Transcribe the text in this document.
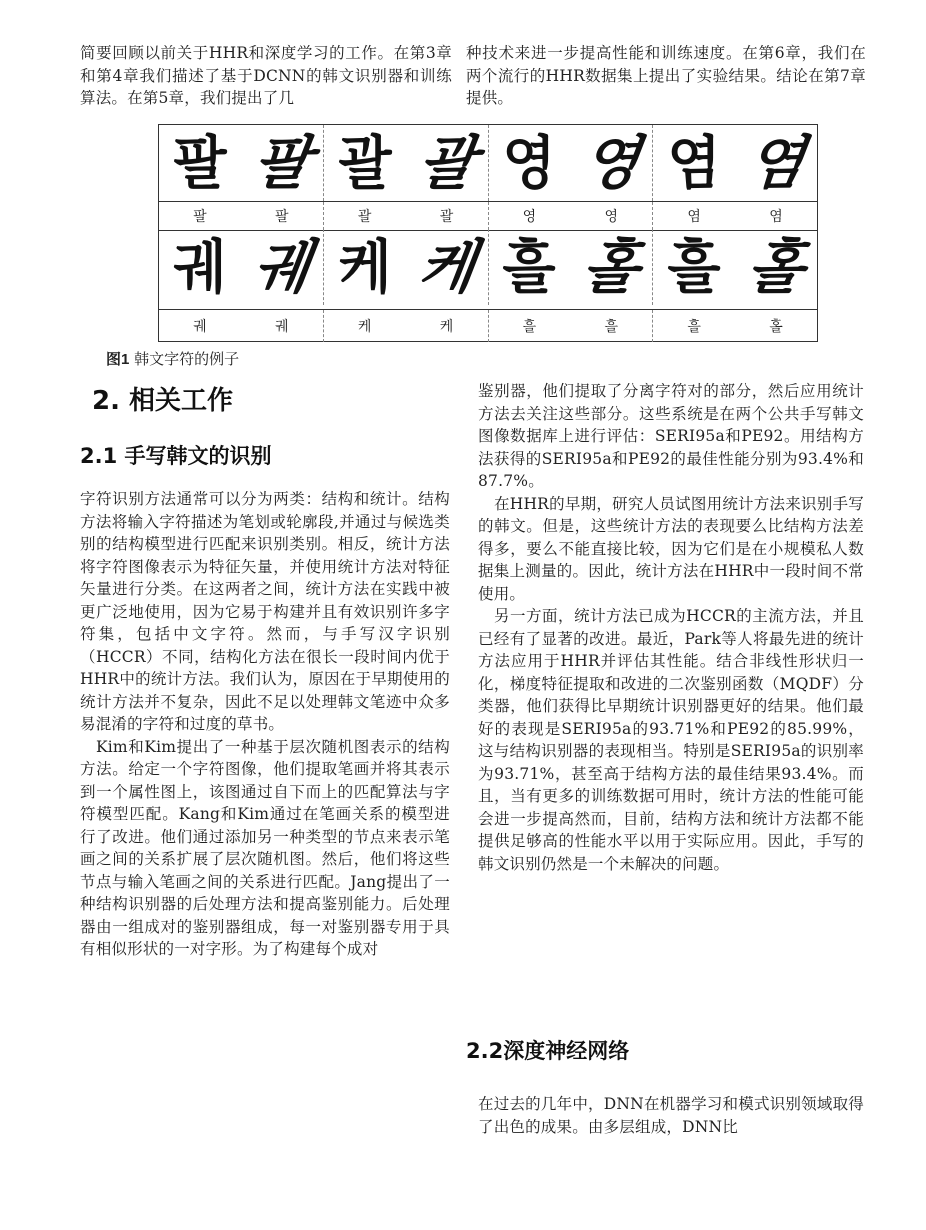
简要回顾以前关于HHR和深度学习的工作。在第3章和第4章我们描述了基于DCNN的韩文识别器和训练算法。在第5章，我们提出了几

种技术来进一步提高性能和训练速度。在第6章，我们在两个流行的HHR数据集上提出了实验结果。结论在第7章提供。

팔 팔 괄 괄 영 영 염 염
팔	팔	괄	괄	영	영	염	염
궤 궤 케 케 흘 홀 흘 홀
궤	궤	케	케	흘	흘	흘	홀
图1 韩文字符的例子
2. 相关工作
2.1 手写韩文的识别

字符识别方法通常可以分为两类：结构和统计。结构方法将输入字符描述为笔划或轮廓段,并通过与候选类别的结构模型进行匹配来识别类别。相反，统计方法将字符图像表示为特征矢量，并使用统计方法对特征矢量进行分类。在这两者之间，统计方法在实践中被更广泛地使用，因为它易于构建并且有效识别许多字符集，包括中文字符。然而，与手写汉字识别（HCCR）不同，结构化方法在很长一段时间内优于HHR中的统计方法。我们认为，原因在于早期使用的统计方法并不复杂，因此不足以处理韩文笔迹中众多易混淆的字符和过度的草书。

Kim和Kim提出了一种基于层次随机图表示的结构方法。给定一个字符图像，他们提取笔画并将其表示到一个属性图上，该图通过自下而上的匹配算法与字符模型匹配。Kang和Kim通过在笔画关系的模型进行了改进。他们通过添加另一种类型的节点来表示笔画之间的关系扩展了层次随机图。然后，他们将这些节点与输入笔画之间的关系进行匹配。Jang提出了一种结构识别器的后处理方法和提高鉴别能力。后处理器由一组成对的鉴别器组成，每一对鉴别器专用于具有相似形状的一对字形。为了构建每个成对

鉴别器，他们提取了分离字符对的部分，然后应用统计方法去关注这些部分。这些系统是在两个公共手写韩文图像数据库上进行评估：SERI95a和PE92。用结构方法获得的SERI95a和PE92的最佳性能分别为93.4%和87.7%。

在HHR的早期，研究人员试图用统计方法来识别手写的韩文。但是，这些统计方法的表现要么比结构方法差得多，要么不能直接比较，因为它们是在小规模私人数据集上测量的。因此，统计方法在HHR中一段时间不常使用。

另一方面，统计方法已成为HCCR的主流方法，并且已经有了显著的改进。最近，Park等人将最先进的统计方法应用于HHR并评估其性能。结合非线性形状归一化，梯度特征提取和改进的二次鉴别函数（MQDF）分类器，他们获得比早期统计识别器更好的结果。他们最好的表现是SERI95a的93.71%和PE92的85.99%，这与结构识别器的表现相当。特别是SERI95a的识别率为93.71%，甚至高于结构方法的最佳结果93.4%。而且，当有更多的训练数据可用时，统计方法的性能可能会进一步提高然而，目前，结构方法和统计方法都不能提供足够高的性能水平以用于实际应用。因此，手写的韩文识别仍然是一个未解决的问题。

2.2深度神经网络

在过去的几年中，DNN在机器学习和模式识别领域取得了出色的成果。由多层组成，DNN比
